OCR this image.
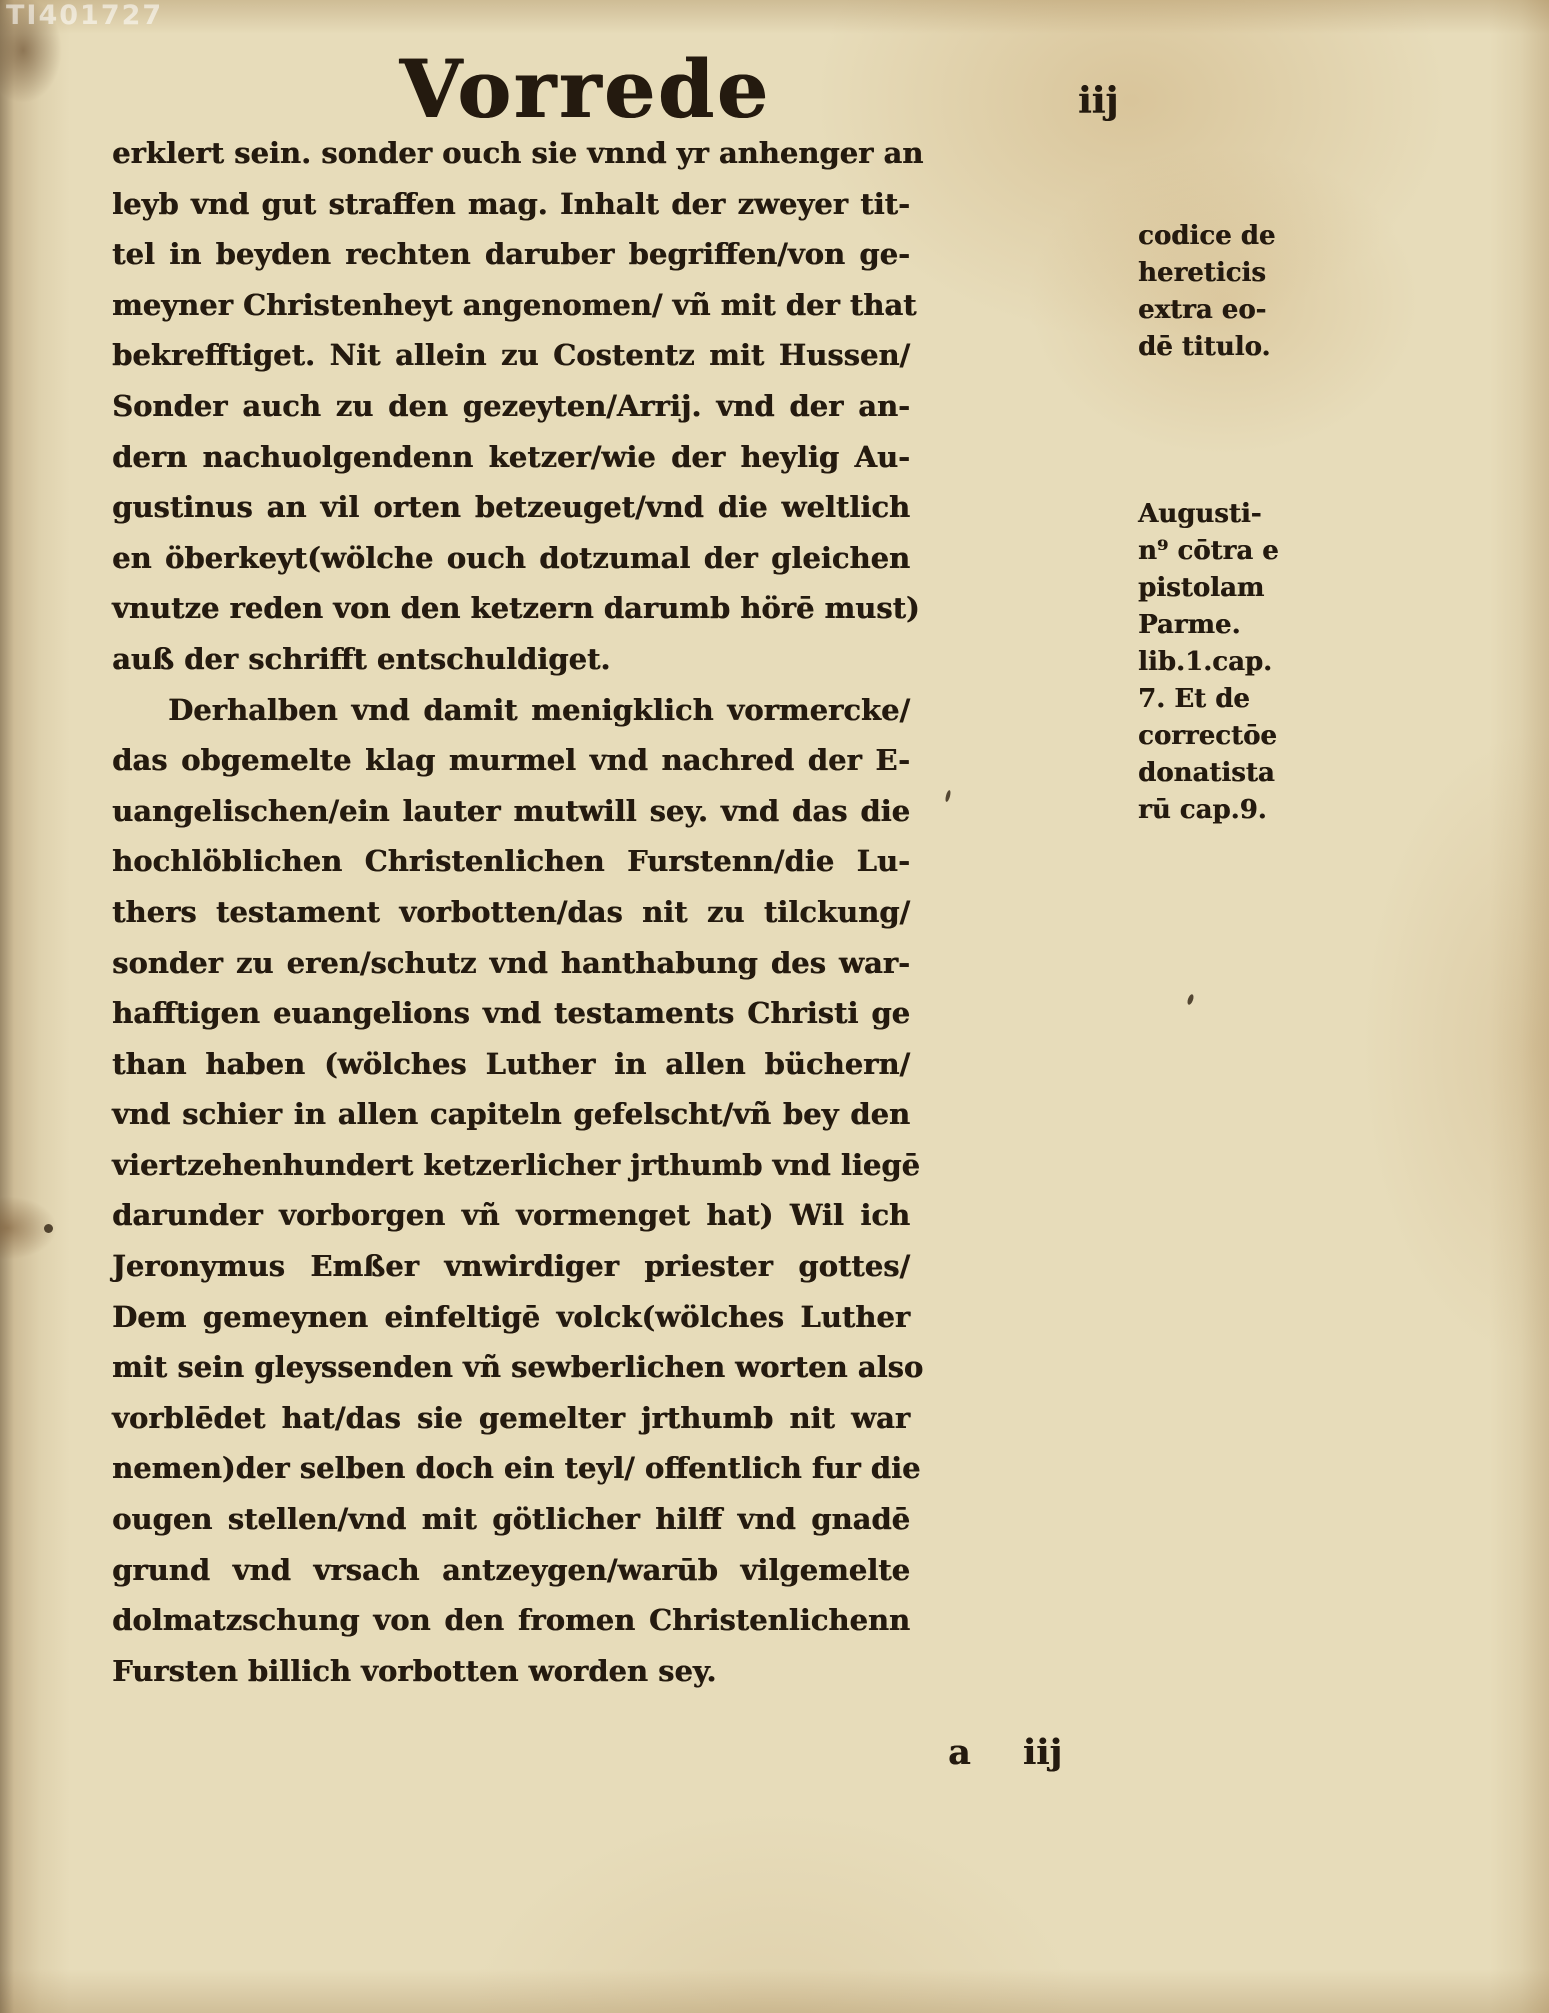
TI401727
Vorrede	iij
erklert sein. sonder ouch sie vnnd yr anhenger an
leyb vnd gut straffen mag. Inhalt der zweyer tit-
tel in beyden rechten daruber begriffen/von ge-
meyner Christenheyt angenomen/ vñ mit der that
bekrefftiget. Nit allein zu Costentz mit Hussen/
Sonder auch zu den gezeyten/Arrij. vnd der an-
dern nachuolgendenn ketzer/wie der heylig Au-
gustinus an vil orten betzeuget/vnd die weltlich
en öberkeyt(wölche ouch dotzumal der gleichen
vnutze reden von den ketzern darumb hörē must)
auß der schrifft entschuldiget.
Derhalben vnd damit menigklich vormercke/
das obgemelte klag murmel vnd nachred der E-
uangelischen/ein lauter mutwill sey. vnd das die
hochlöblichen Christenlichen Furstenn/die Lu-
thers testament vorbotten/das nit zu tilckung/
sonder zu eren/schutz vnd hanthabung des war-
hafftigen euangelions vnd testaments Christi ge
than haben (wölches Luther in allen büchern/
vnd schier in allen capiteln gefelscht/vñ bey den
viertzehenhundert ketzerlicher jrthumb vnd liegē
darunder vorborgen vñ vormenget hat) Wil ich
Jeronymus Emßer vnwirdiger priester gottes/
Dem gemeynen einfeltigē volck(wölches Luther
mit sein gleyssenden vñ sewberlichen worten also
vorblēdet hat/das sie gemelter jrthumb nit war
nemen)der selben doch ein teyl/ offentlich fur die
ougen stellen/vnd mit götlicher hilff vnd gnadē
grund vnd vrsach antzeygen/warūb vilgemelte
dolmatzschung von den fromen Christenlichenn
Fursten billich vorbotten worden sey.
codice de
hereticis
extra eo-
dē titulo.
Augusti-
n⁹ cōtra e
pistolam
Parme.
lib.1.cap.
7. Et de
correctōe
donatista
rū cap.9.
a iij
